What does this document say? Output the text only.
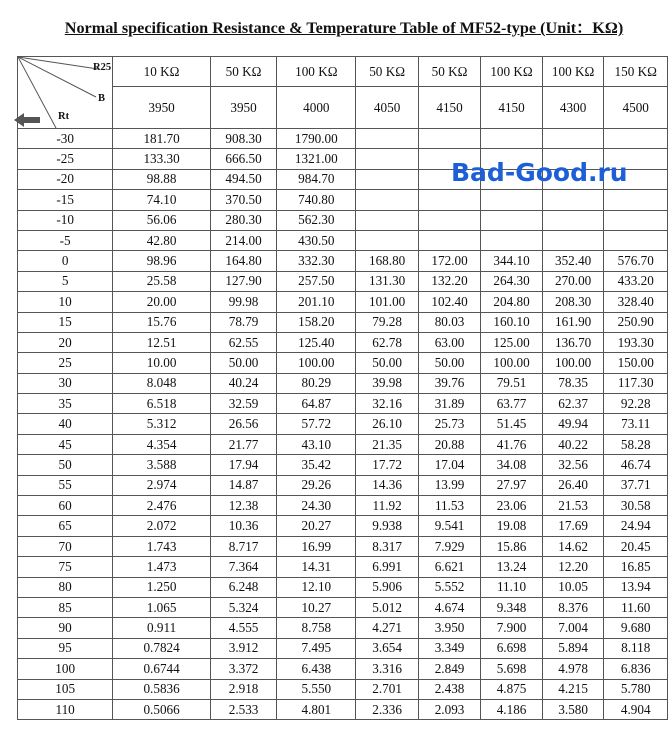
Normal specification Resistance & Temperature Table of MF52-type (Unit：KΩ)
Bad-Good.ru
R25
B
Rt	10 KΩ	50 KΩ	100 KΩ	50 KΩ	50 KΩ	100 KΩ	100 KΩ	150 KΩ
	3950	3950	4000	4050	4150	4150	4300	4500
-30	181.70	908.30	1790.00					
-25	133.30	666.50	1321.00					
-20	98.88	494.50	984.70					
-15	74.10	370.50	740.80					
-10	56.06	280.30	562.30					
-5	42.80	214.00	430.50					
0	98.96	164.80	332.30	168.80	172.00	344.10	352.40	576.70
5	25.58	127.90	257.50	131.30	132.20	264.30	270.00	433.20
10	20.00	99.98	201.10	101.00	102.40	204.80	208.30	328.40
15	15.76	78.79	158.20	79.28	80.03	160.10	161.90	250.90
20	12.51	62.55	125.40	62.78	63.00	125.00	136.70	193.30
25	10.00	50.00	100.00	50.00	50.00	100.00	100.00	150.00
30	8.048	40.24	80.29	39.98	39.76	79.51	78.35	117.30
35	6.518	32.59	64.87	32.16	31.89	63.77	62.37	92.28
40	5.312	26.56	57.72	26.10	25.73	51.45	49.94	73.11
45	4.354	21.77	43.10	21.35	20.88	41.76	40.22	58.28
50	3.588	17.94	35.42	17.72	17.04	34.08	32.56	46.74
55	2.974	14.87	29.26	14.36	13.99	27.97	26.40	37.71
60	2.476	12.38	24.30	11.92	11.53	23.06	21.53	30.58
65	2.072	10.36	20.27	9.938	9.541	19.08	17.69	24.94
70	1.743	8.717	16.99	8.317	7.929	15.86	14.62	20.45
75	1.473	7.364	14.31	6.991	6.621	13.24	12.20	16.85
80	1.250	6.248	12.10	5.906	5.552	11.10	10.05	13.94
85	1.065	5.324	10.27	5.012	4.674	9.348	8.376	11.60
90	0.911	4.555	8.758	4.271	3.950	7.900	7.004	9.680
95	0.7824	3.912	7.495	3.654	3.349	6.698	5.894	8.118
100	0.6744	3.372	6.438	3.316	2.849	5.698	4.978	6.836
105	0.5836	2.918	5.550	2.701	2.438	4.875	4.215	5.780
110	0.5066	2.533	4.801	2.336	2.093	4.186	3.580	4.904
